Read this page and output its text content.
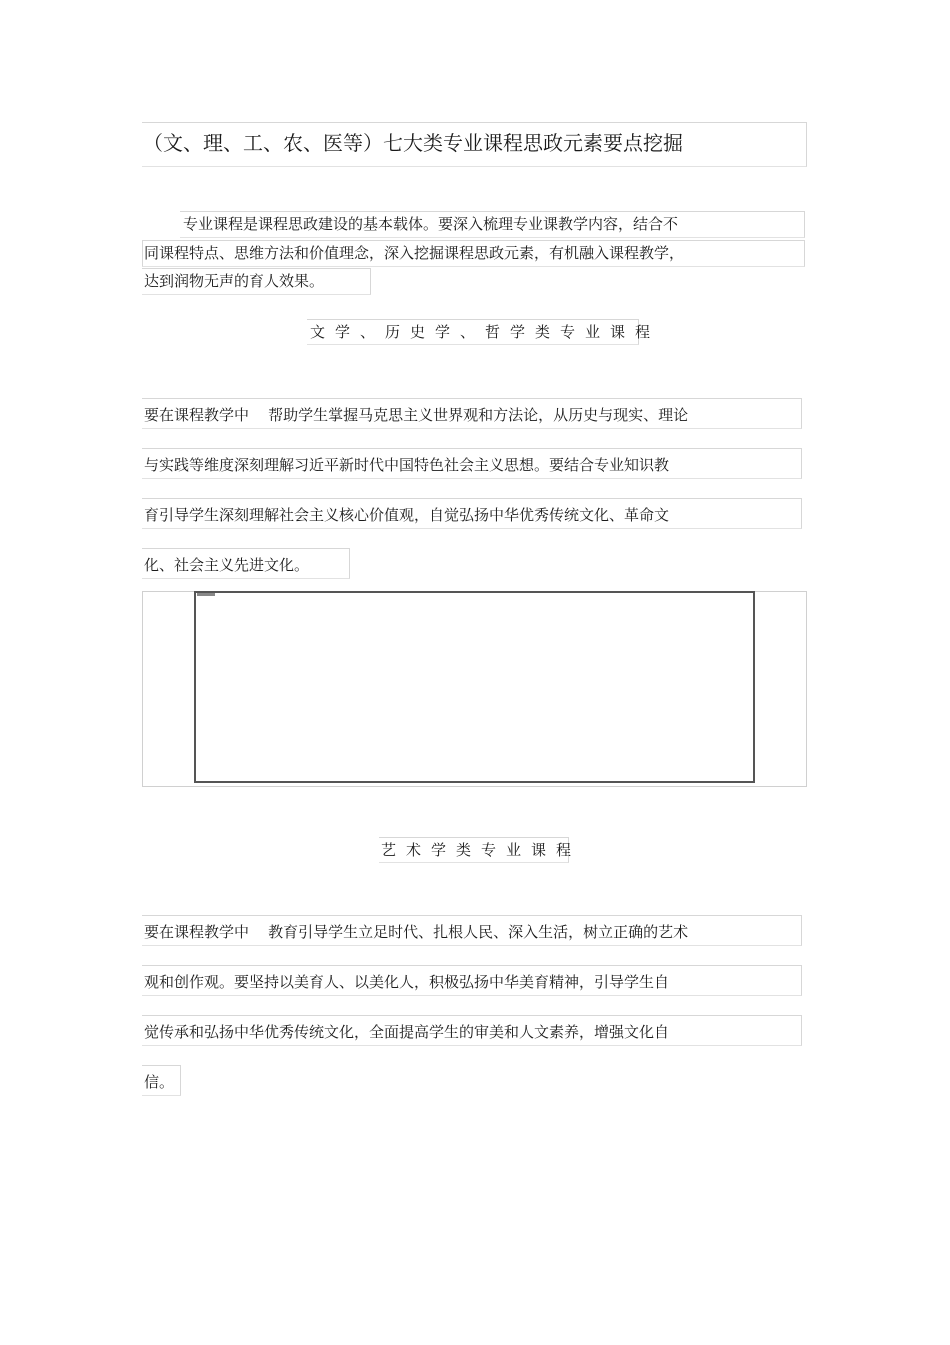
（文、理、工、农、医等）七大类专业课程思政元素要点挖掘
专业课程是课程思政建设的基本载体。要深入梳理专业课教学内容，结合不
同课程特点、思维方法和价值理念，深入挖掘课程思政元素，有机融入课程教学，
达到润物无声的育人效果。
文学、历史学、哲学类专业课程
要在课程教学中    帮助学生掌握马克思主义世界观和方法论，从历史与现实、理论
与实践等维度深刻理解习近平新时代中国特色社会主义思想。要结合专业知识教
育引导学生深刻理解社会主义核心价值观，自觉弘扬中华优秀传统文化、革命文
化、社会主义先进文化。
艺术学类专业课程
要在课程教学中    教育引导学生立足时代、扎根人民、深入生活，树立正确的艺术
观和创作观。要坚持以美育人、以美化人，积极弘扬中华美育精神，引导学生自
觉传承和弘扬中华优秀传统文化，全面提高学生的审美和人文素养，增强文化自
信。
